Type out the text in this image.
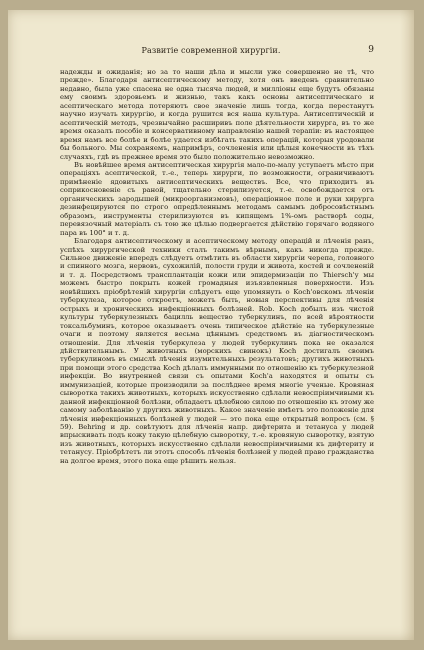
Развитіе современной хирургіи.	9

надежды и ожиданія; но за то наши дѣла и мысли уже совершенно не тѣ, что прежде». Благодаря антисептическому методу, хотя онъ введенъ сравнительно недавно, была уже спасена не одна тысяча людей, и милліоны еще будутъ обязаны ему своимъ здоровьемъ и жизнью, такъ какъ основы антисептическаго и асептическаго метода потеряютъ свое значеніе лишь тогда, когда перестанутъ научно изучать хирургію, и когда рушится вся наша культура. Антисептическій и асептическій методъ, чрезвычайно расширивъ поле дѣятельности хирурга, въ то же время оказалъ пособіе и консервативному направленію нашей терапіи: въ настоящее время намъ все болѣе и болѣе удается избѣгать такихъ операцій, которыя уродовали бы больного. Мы сохраняемъ, напримѣръ, сочлененія или цѣлыя конечности въ тѣхъ случаяхъ, гдѣ въ прежнее время это было положительно невозможно.

Въ новѣйшее время антисептическая хирургія мало-по-малу уступаетъ мѣсто при операціяхъ асептической, т.-е., теперь хирурги, по возможности, ограничиваютъ примѣненіе ядовитыхъ антисептическихъ веществъ. Все, что приходитъ въ соприкосновеніе съ раной, тщательно стерилизуется, т.-е. освобождается отъ органическихъ зародышей (микроорганизмовъ), операціонное поле и руки хирурга дезинфецируются по строго опредѣленнымъ методамъ самымъ добросовѣстнымъ образомъ, инструменты стерилизуются въ кипящемъ 1%-омъ растворѣ соды, перевязочный матеріалъ съ тою же цѣлью подвергается дѣйствію горячаго водяного пара въ 100° и т. д.

Благодаря антисептическому и асептическому методу операцій и лѣченія ранъ, успѣхъ хирургической техники сталъ такимъ вѣрнымъ, какъ никогда прежде. Сильное движеніе впередъ слѣдуетъ отмѣтить въ области хирургіи черепа, головного и спинного мозга, нервовъ, сухожилій, полости груди и живота, костей и сочлененій и т. д. Посредствомъ трансплантаціи кожи или эпидермизаціи по Thiersch'у мы можемъ быстро покрыть кожей громадныя изъязвленныя поверхности. Изъ новѣйшихъ пріобрѣтеній хирургіи слѣдуетъ еще упомянуть о Koch'овскомъ лѣченіи туберкулеза, которое откроетъ, можетъ быть, новыя перспективы для лѣченія острыхъ и хроническихъ инфекціонныхъ болѣзней. Rob. Koch добылъ изъ чистой культуры туберкулезныхъ бацилль вещество туберкулинъ, по всей вѣроятности токсальбуминъ, которое оказываетъ очень типическое дѣйствіе на туберкулезные очаги и поэтому является весьма цѣннымъ средствомъ въ діагностическомъ отношеніи. Для лѣченія туберкулеза у людей туберкулинъ пока не оказался дѣйствительнымъ. У животныхъ (морскихъ свинокъ) Koch достигалъ своимъ туберкулиномъ въ смыслѣ лѣченія изумительныхъ результатовъ; другихъ животныхъ при помощи этого средства Koch дѣлалъ иммунными по отношенію къ туберкулезной инфекціи. Во внутренней связи съ опытами Koch'а находятся и опыты съ иммунизаціей, которые производили за послѣднее время многіе ученые. Кровяная сыворотка такихъ животныхъ, которыхъ искусственно сдѣлали невоспріимчивыми къ данной инфекціонной болѣзни, обладаетъ цѣлебною силою по отношенію къ этому же самому заболѣванію у другихъ животныхъ. Какое значеніе имѣетъ это положеніе для лѣченія инфекціонныхъ болѣзней у людей — это пока еще открытый вопросъ (см. § 59). Behring и др. совѣтуютъ для лѣченія напр. дифтерита и тетануса у людей впрыскивать подъ кожу такую цѣлебную сыворотку, т.-е. кровяную сыворотку, взятую изъ животныхъ, которыхъ искусственно сдѣлали невоспріимчивыми къ дифтериту и тетанусу. Пріобрѣтетъ ли этотъ способъ лѣченія болѣзней у людей право гражданства на долгое время, этого пока еще рѣшить нельзя.
